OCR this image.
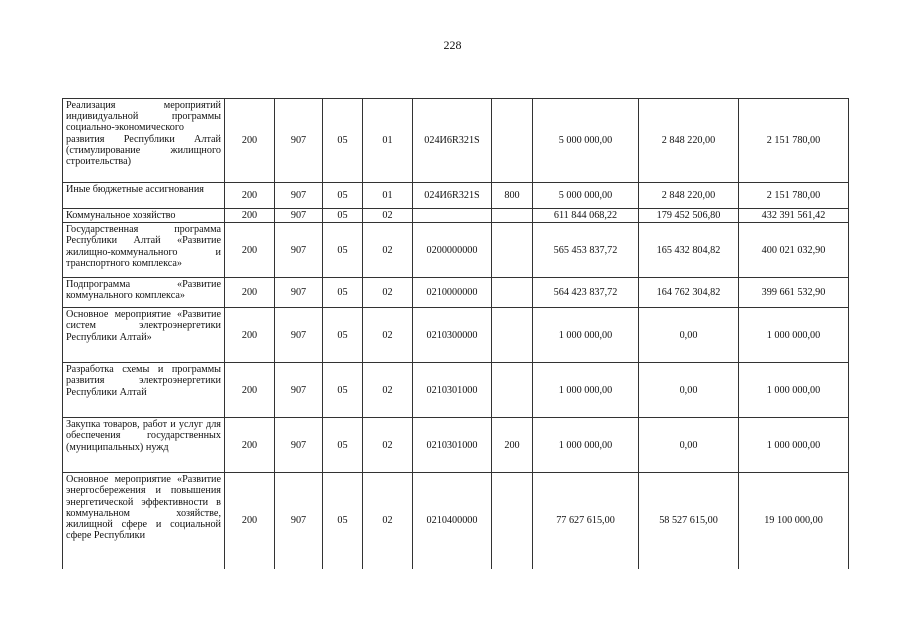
228
Реализация мероприятий индивидуальной программы социально-экономического развития Республики Алтай (стимулирование жилищного строительства)	200	907	05	01	024И6R321S		5 000 000,00	2 848 220,00	2 151 780,00
Иные бюджетные ассигнования	200	907	05	01	024И6R321S	800	5 000 000,00	2 848 220,00	2 151 780,00
Коммунальное хозяйство	200	907	05	02			611 844 068,22	179 452 506,80	432 391 561,42
Государственная программа Республики Алтай «Развитие жилищно-коммунального и транспортного комплекса»	200	907	05	02	0200000000		565 453 837,72	165 432 804,82	400 021 032,90
Подпрограмма «Развитие коммунального комплекса»	200	907	05	02	0210000000		564 423 837,72	164 762 304,82	399 661 532,90
Основное мероприятие «Развитие систем электроэнергетики Республики Алтай»	200	907	05	02	0210300000		1 000 000,00	0,00	1 000 000,00
Разработка схемы и программы развития электроэнергетики Республики Алтай	200	907	05	02	0210301000		1 000 000,00	0,00	1 000 000,00
Закупка товаров, работ и услуг для обеспечения государственных (муниципальных) нужд	200	907	05	02	0210301000	200	1 000 000,00	0,00	1 000 000,00
Основное мероприятие «Развитие энергосбережения и повышения энергетической эффективности в коммунальном хозяйстве, жилищной сфере и социальной сфере Республики	200	907	05	02	0210400000		77 627 615,00	58 527 615,00	19 100 000,00
